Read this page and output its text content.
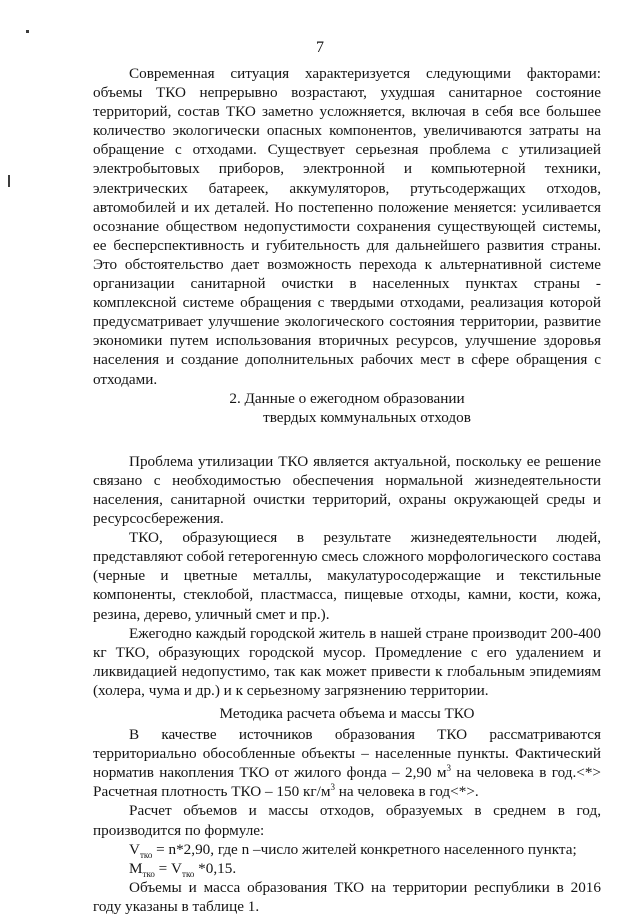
7

Современная ситуация характеризуется следующими факторами: объемы ТКО непрерывно возрастают, ухудшая санитарное состояние территорий, состав ТКО заметно усложняется, включая в себя все большее количество экологически опасных компонентов, увеличиваются затраты на обращение с отходами. Существует серьезная проблема с утилизацией электробытовых приборов, электронной и компьютерной техники, электрических батареек, аккумуляторов, ртутьсодержащих отходов, автомобилей и их деталей. Но постепенно положение меняется: усиливается осознание обществом недопустимости сохранения существующей системы, ее бесперспективность и губительность для дальнейшего развития страны. Это обстоятельство дает возможность перехода к альтернативной системе организации санитарной очистки в населенных пунктах страны - комплексной системе обращения с твердыми отходами, реализация которой предусматривает улучшение экологического состояния территории, развитие экономики путем использования вторичных ресурсов, улучшение здоровья населения и создание дополнительных рабочих мест в сфере обращения с отходами.

2. Данные о ежегодном образовании
твердых коммунальных отходов

Проблема утилизации ТКО является актуальной, поскольку ее решение связано с необходимостью обеспечения нормальной жизнедеятельности населения, санитарной очистки территорий, охраны окружающей среды и ресурсосбережения.

ТКО, образующиеся в результате жизнедеятельности людей, представляют собой гетерогенную смесь сложного морфологического состава (черные и цветные металлы, макулатуросодержащие и текстильные компоненты, стеклобой, пластмасса, пищевые отходы, камни, кости, кожа, резина, дерево, уличный смет и пр.).

Ежегодно каждый городской житель в нашей стране производит 200-400 кг ТКО, образующих городской мусор. Промедление с его удалением и ликвидацией недопустимо, так как может привести к глобальным эпидемиям (холера, чума и др.) и к серьезному загрязнению территории.

Методика расчета объема и массы ТКО

В качестве источников образования ТКО рассматриваются территориально обособленные объекты – населенные пункты. Фактический норматив накопления ТКО от жилого фонда – 2,90 $м^3$ на человека в год.<*> Расчетная плотность ТКО – 150 $кг/м^3$ на человека в год<*>.

Расчет объемов и массы отходов, образуемых в среднем в год, производится по формуле:

$V_{тко} = n*2,90$, где n –число жителей конкретного населенного пункта;

$M_{тко} = V_{тко}$ *0,15.

Объемы и масса образования ТКО на территории республики в 2016 году указаны в таблице 1.
